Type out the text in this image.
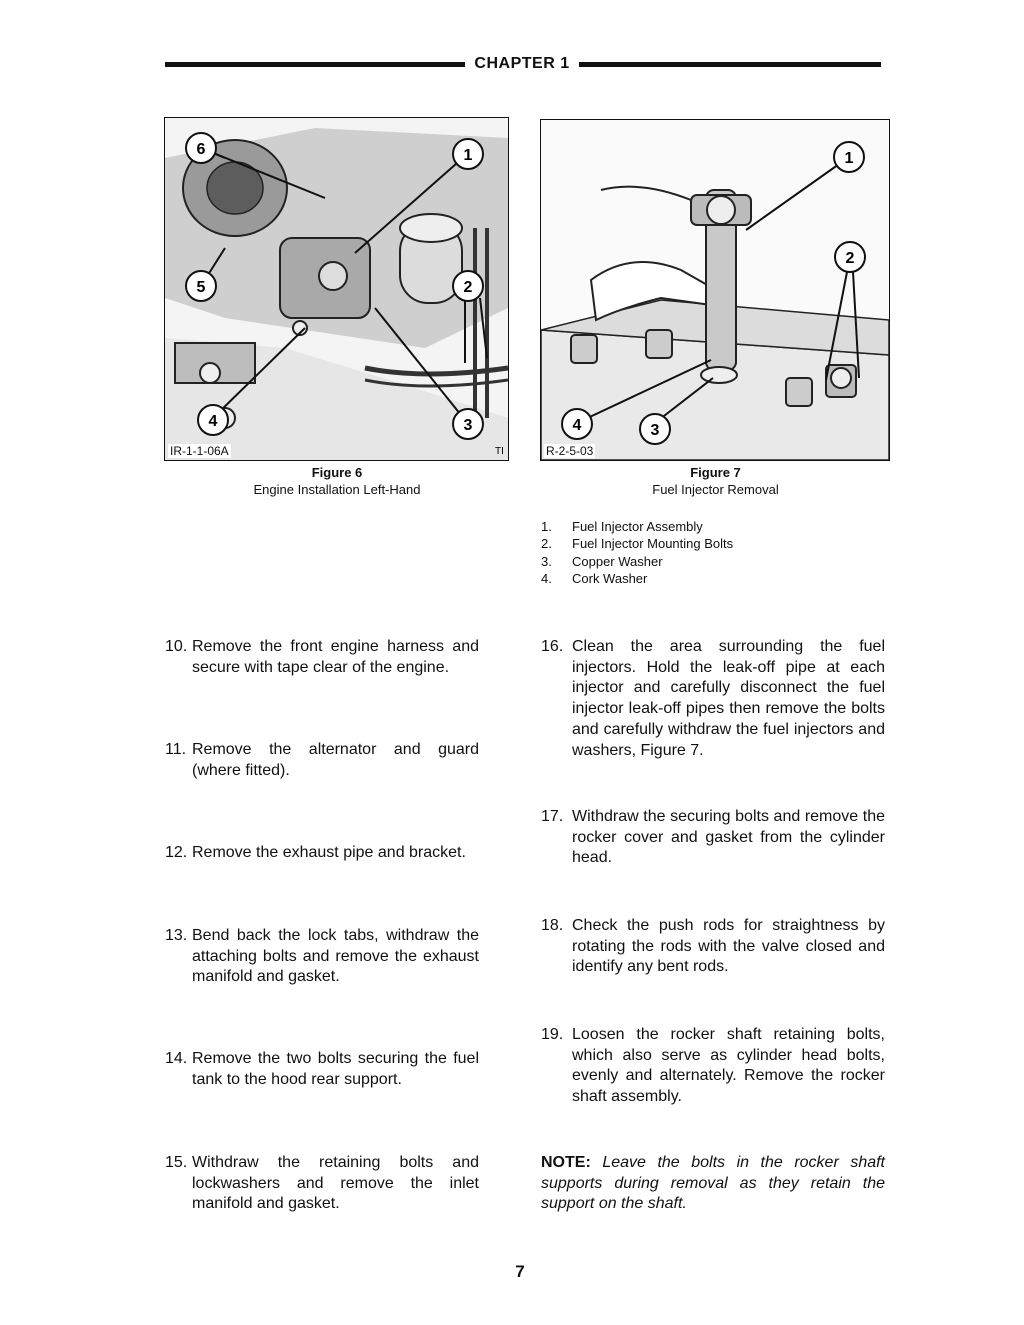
CHAPTER 1
6	1
5	2
4	3
TI
IR-1-1-06A
Figure 6
Engine Installation Left-Hand
1
2
4	3
R-2-5-03
Figure 7
Fuel Injector Removal
1.	Fuel Injector Assembly
2.	Fuel Injector Mounting Bolts
3.	Copper Washer
4.	Cork Washer
10. Remove the front engine harness and secure with tape clear of the engine.
11. Remove the alternator and guard (where fitted).
12. Remove the exhaust pipe and bracket.
13. Bend back the lock tabs, withdraw the attaching bolts and remove the exhaust manifold and gasket.
14. Remove the two bolts securing the fuel tank to the hood rear support.
15. Withdraw the retaining bolts and lockwashers and remove the inlet manifold and gasket.
16. Clean the area surrounding the fuel injectors. Hold the leak-off pipe at each injector and carefully disconnect the fuel injector leak-off pipes then remove the bolts and carefully withdraw the fuel injectors and washers, Figure 7.
17. Withdraw the securing bolts and remove the rocker cover and gasket from the cylinder head.
18. Check the push rods for straightness by rotating the rods with the valve closed and identify any bent rods.
19. Loosen the rocker shaft retaining bolts, which also serve as cylinder head bolts, evenly and alternately. Remove the rocker shaft assembly.
NOTE: Leave the bolts in the rocker shaft supports during removal as they retain the support on the shaft.
7
